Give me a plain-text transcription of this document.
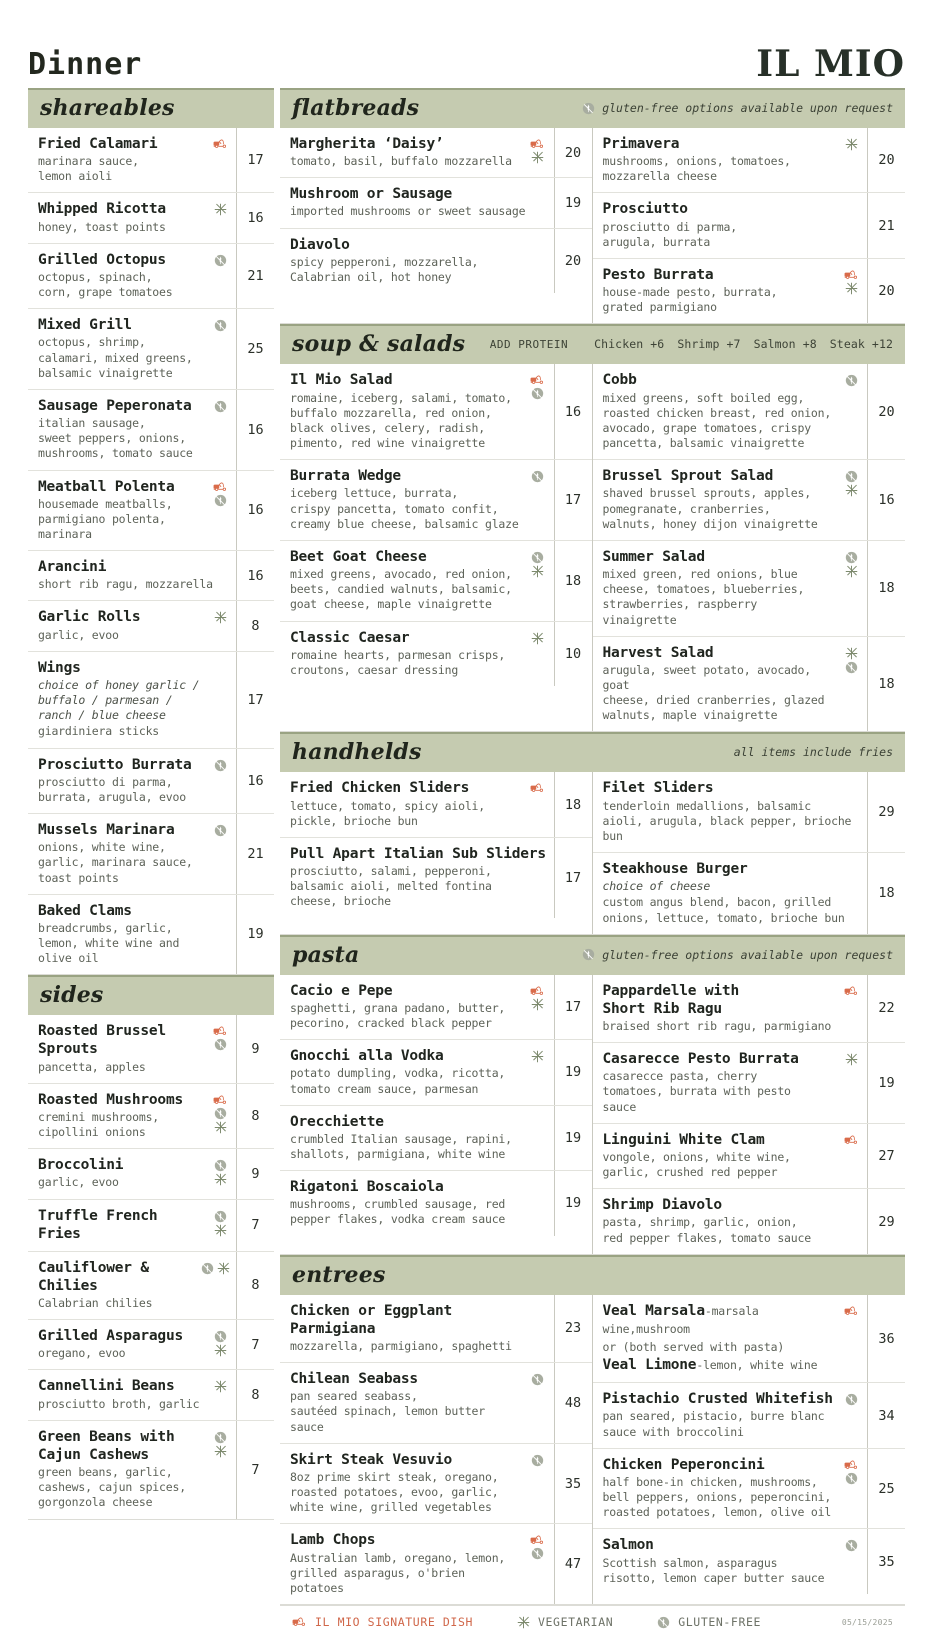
Dinner	IL MIO
shareables
Fried Calamari
marinara sauce,
lemon aioli
17
Whipped Ricotta
honey, toast points
16
Grilled Octopus
octopus, spinach,
corn, grape tomatoes
21
Mixed Grill
octopus, shrimp,
calamari, mixed greens,
balsamic vinaigrette
25
Sausage Peperonata
italian sausage,
sweet peppers, onions,
mushrooms, tomato sauce
16
Meatball Polenta
housemade meatballs,
parmigiano polenta,
marinara
16
Arancini
short rib ragu, mozzarella
16
Garlic Rolls
garlic, evoo
8
Wings
choice of honey garlic /
buffalo / parmesan /
ranch / blue cheese
giardiniera sticks
17
Prosciutto Burrata
prosciutto di parma,
burrata, arugula, evoo
16
Mussels Marinara
onions, white wine,
garlic, marinara sauce,
toast points
21
Baked Clams
breadcrumbs, garlic,
lemon, white wine and
olive oil
19
sides
Roasted Brussel Sprouts
pancetta, apples
9
Roasted Mushrooms
cremini mushrooms,
cipollini onions
8
Broccolini
garlic, evoo
9
Truffle French Fries
7
Cauliflower & Chilies
Calabrian chilies
8
Grilled Asparagus
oregano, evoo
7
Cannellini Beans
prosciutto broth, garlic
8
Green Beans with Cajun Cashews
green beans, garlic,
cashews, cajun spices,
gorgonzola cheese
7
flatbreads	gluten-free options available upon request
Margherita ‘Daisy’
tomato, basil, buffalo mozzarella
20
Mushroom or Sausage
imported mushrooms or sweet sausage
19
Diavolo
spicy pepperoni, mozzarella,
Calabrian oil, hot honey
20
Primavera
mushrooms, onions, tomatoes,
mozzarella cheese
20
Prosciutto
prosciutto di parma,
arugula, burrata
21
Pesto Burrata
house-made pesto, burrata,
grated parmigiano
20
soup & salads ADD PROTEIN	Chicken +6 Shrimp +7 Salmon +8 Steak +12
Il Mio Salad
romaine, iceberg, salami, tomato,
buffalo mozzarella, red onion,
black olives, celery, radish,
pimento, red wine vinaigrette
16
Burrata Wedge
iceberg lettuce, burrata,
crispy pancetta, tomato confit,
creamy blue cheese, balsamic glaze
17
Beet Goat Cheese
mixed greens, avocado, red onion,
beets, candied walnuts, balsamic,
goat cheese, maple vinaigrette
18
Classic Caesar
romaine hearts, parmesan crisps,
croutons, caesar dressing
10
Cobb
mixed greens, soft boiled egg,
roasted chicken breast, red onion,
avocado, grape tomatoes, crispy
pancetta, balsamic vinaigrette
20
Brussel Sprout Salad
shaved brussel sprouts, apples,
pomegranate, cranberries,
walnuts, honey dijon vinaigrette
16
Summer Salad
mixed green, red onions, blue
cheese, tomatoes, blueberries,
strawberries, raspberry vinaigrette
18
Harvest Salad
arugula, sweet potato, avocado, goat
cheese, dried cranberries, glazed
walnuts, maple vinaigrette
18
handhelds	all items include fries
Fried Chicken Sliders
lettuce, tomato, spicy aioli,
pickle, brioche bun
18
Pull Apart Italian Sub Sliders
prosciutto, salami, pepperoni,
balsamic aioli, melted fontina
cheese, brioche
17
Filet Sliders
tenderloin medallions, balsamic
aioli, arugula, black pepper, brioche
bun
29
Steakhouse Burger
choice of cheese
custom angus blend, bacon, grilled
onions, lettuce, tomato, brioche bun
18
pasta	gluten-free options available upon request
Cacio e Pepe
spaghetti, grana padano, butter,
pecorino, cracked black pepper
17
Gnocchi alla Vodka
potato dumpling, vodka, ricotta,
tomato cream sauce, parmesan
19
Orecchiette
crumbled Italian sausage, rapini,
shallots, parmigiana, white wine
19
Rigatoni Boscaiola
mushrooms, crumbled sausage, red
pepper flakes, vodka cream sauce
19
Pappardelle with
Short Rib Ragu
braised short rib ragu, parmigiano
22
Casarecce Pesto Burrata
casarecce pasta, cherry
tomatoes, burrata with pesto
sauce
19
Linguini White Clam
vongole, onions, white wine,
garlic, crushed red pepper
27
Shrimp Diavolo
pasta, shrimp, garlic, onion,
red pepper flakes, tomato sauce
29
entrees
Chicken or Eggplant
Parmigiana
mozzarella, parmigiano, spaghetti
23
Chilean Seabass
pan seared seabass,
sautéed spinach, lemon butter sauce
48
Skirt Steak Vesuvio
8oz prime skirt steak, oregano,
roasted potatoes, evoo, garlic,
white wine, grilled vegetables
35
Lamb Chops
Australian lamb, oregano, lemon,
grilled asparagus, o'brien potatoes
47
Veal Marsala-marsala wine,mushroom
or (both served with pasta)
Veal Limone-lemon, white wine
36
Pistachio Crusted Whitefish
pan seared, pistacio, burre blanc
sauce with broccolini
34
Chicken Peperoncini
half bone-in chicken, mushrooms,
bell peppers, onions, peperoncini,
roasted potatoes, lemon, olive oil
25
Salmon
Scottish salmon, asparagus
risotto, lemon caper butter sauce
35
IL MIO SIGNATURE DISH	VEGETARIAN	GLUTEN-FREE	05/15/2025
